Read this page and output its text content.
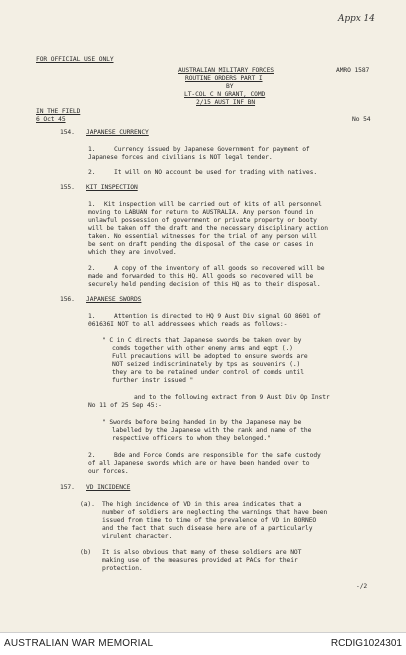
Appx 14
FOR OFFICIAL USE ONLY
AUSTRALIAN MILITARY FORCES
ROUTINE ORDERS PART I
BY
LT-COL C N GRANT, COMD
2/15 AUST INF BN
AMRO 1587
IN THE FIELD
6 Oct 45	No 54
154. JAPANESE CURRENCY
1.	Currency issued by Japanese Government for payment of
Japanese forces and civilians is NOT legal tender.
2.	It will on NO account be used for trading with natives.
155. KIT INSPECTION
1. Kit inspection will be carried out of kits of all personnel
moving to LABUAN for return to AUSTRALIA. Any person found in
unlawful possession of government or private property or booty
will be taken off the draft and the necessary disciplinary action
taken. No essential witnesses for the trial of any person will
be sent on draft pending the disposal of the case or cases in
which they are involved.
2.	A copy of the inventory of all goods so recovered will be
made and forwarded to this HQ. All goods so recovered will be
securely held pending decision of this HQ as to their disposal.
156. JAPANESE SWORDS
1.	Attention is directed to HQ 9 Aust Div signal GO 8601 of
061636I NOT to all addressees which reads as follows:-
" C in C directs that Japanese swords be taken over by
comds together with other enemy arms and eqpt (.)
Full precautions will be adopted to ensure swords are
NOT seized indiscriminately by tps as souvenirs (.)
they are to be retained under control of comds until
further instr issued "
and to the following extract from 9 Aust Div Op Instr
No 11 of 25 Sep 45:-
" Swords before being handed in by the Japanese may be
labelled by the Japanese with the rank and name of the
respective officers to whom they belonged."
2.	Bde and Force Comds are responsible for the safe custody
of all Japanese swords which are or have been handed over to
our forces.
157. VD INCIDENCE
(a). The high incidence of VD in this area indicates that a
number of soldiers are neglecting the warnings that have been
issued from time to time of the prevalence of VD in BORNEO
and the fact that such disease here are of a particularly
virulent character.
(b) It is also obvious that many of these soldiers are NOT
making use of the measures provided at PACs for their
protection.
-/2
AUSTRALIAN WAR MEMORIAL	RCDIG1024301
